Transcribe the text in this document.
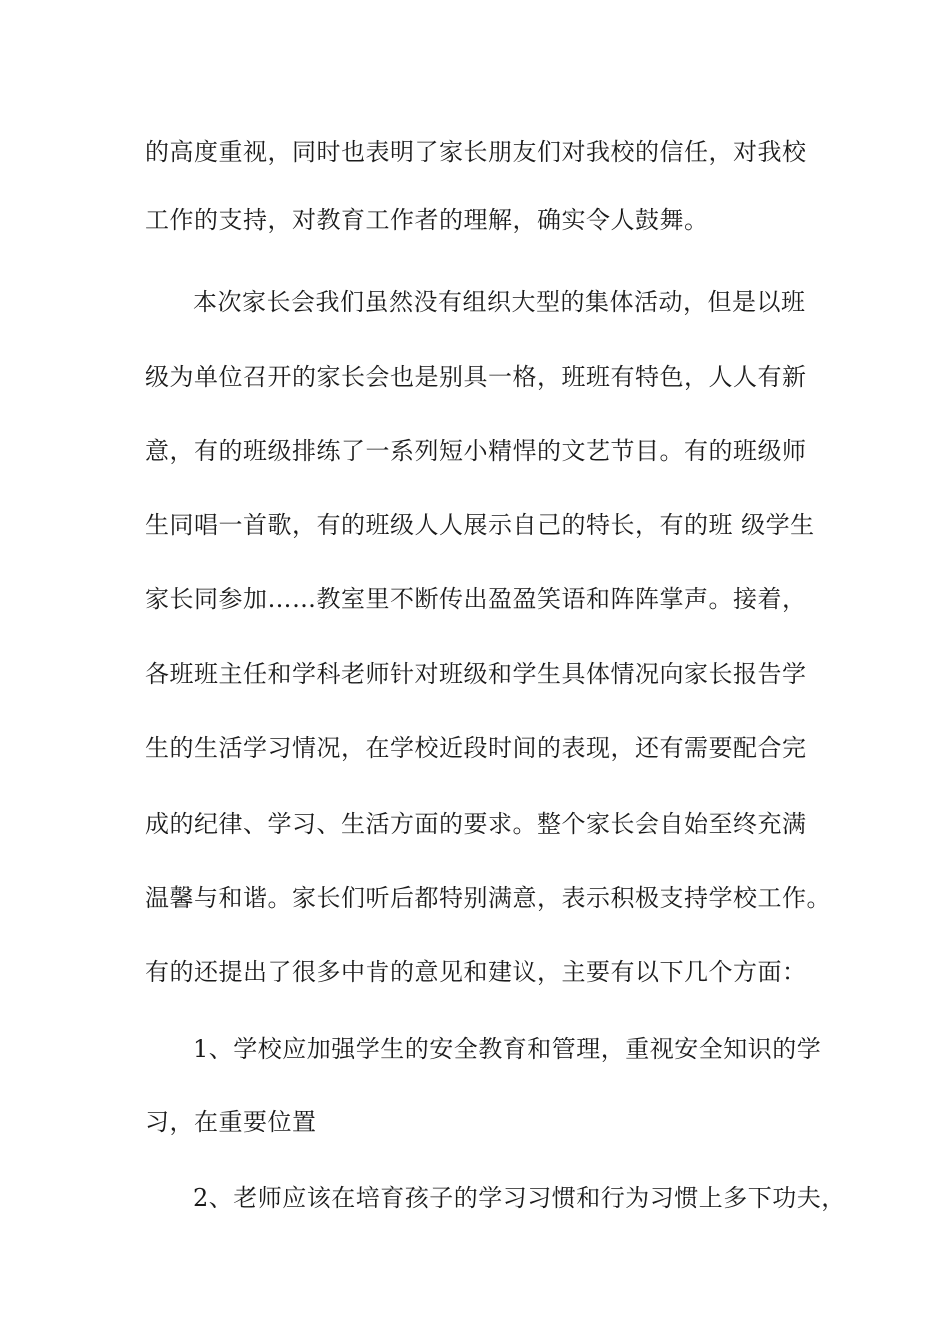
的高度重视，同时也表明了家长朋友们对我校的信任，对我校
工作的支持，对教育工作者的理解，确实令人鼓舞。
本次家长会我们虽然没有组织大型的集体活动，但是以班
级为单位召开的家长会也是别具一格，班班有特色，人人有新
意，有的班级排练了一系列短小精悍的文艺节目。有的班级师
生同唱一首歌，有的班级人人展示自己的特长，有的班 级学生
家长同参加……教室里不断传出盈盈笑语和阵阵掌声。接着，
各班班主任和学科老师针对班级和学生具体情况向家长报告学
生的生活学习情况，在学校近段时间的表现，还有需要配合完
成的纪律、学习、生活方面的要求。整个家长会自始至终充满
温馨与和谐。家长们听后都特别满意，表示积极支持学校工作。
有的还提出了很多中肯的意见和建议，主要有以下几个方面：
1、学校应加强学生的安全教育和管理，重视安全知识的学
习，在重要位置
2、老师应该在培育孩子的学习习惯和行为习惯上多下功夫，
